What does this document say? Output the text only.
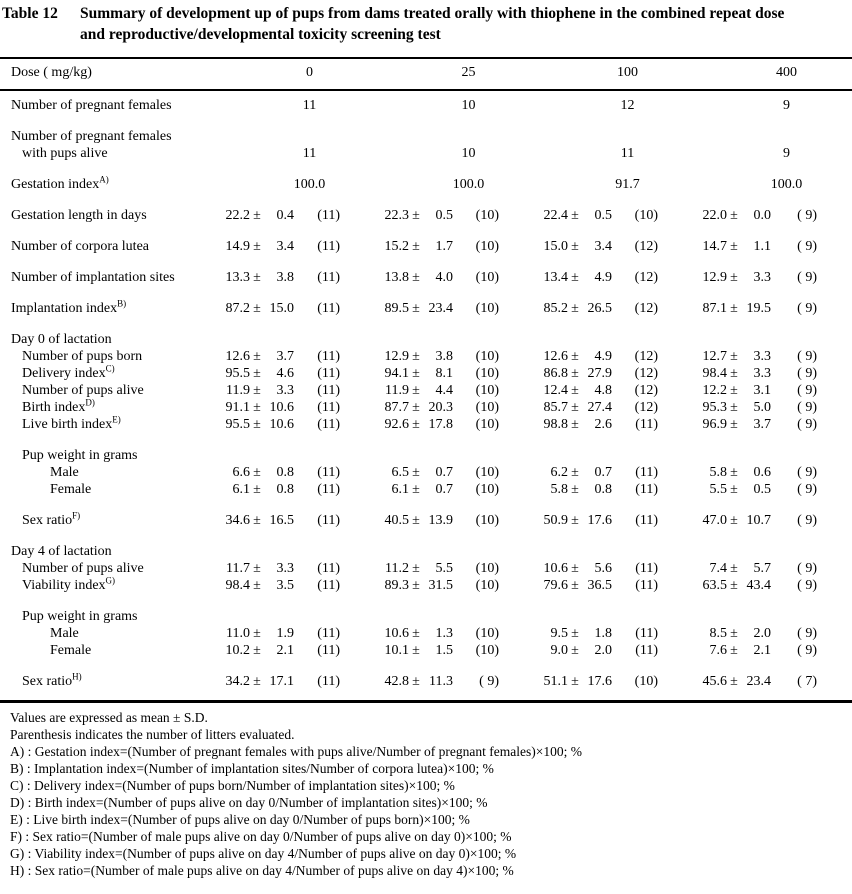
Table 12	Summary of development up of pups from dams treated orally with thiophene in the combined repeat dose
and reproductive/developmental toxicity screening test
Dose ( mg/kg)	0	25	100	400
Number of pregnant females	11	10	12	9
Number of pregnant females
with pups alive	11	10	11	9
Gestation index$^{A)}$	100.0	100.0	91.7	100.0
Gestation length in days	22.2 ±	0.4	(11)	22.3 ±	0.5	(10)	22.4 ±	0.5	(10)	22.0 ±	0.0	( 9)
Number of corpora lutea	14.9 ±	3.4	(11)	15.2 ±	1.7	(10)	15.0 ±	3.4	(12)	14.7 ±	1.1	( 9)
Number of implantation sites	13.3 ±	3.8	(11)	13.8 ±	4.0	(10)	13.4 ±	4.9	(12)	12.9 ±	3.3	( 9)
Implantation index$^{B)}$	87.2 ± 15.0	(11)	89.5 ± 23.4	(10)	85.2 ± 26.5	(12)	87.1 ± 19.5	( 9)
Day 0 of lactation
Number of pups born	12.6 ±	3.7	(11)	12.9 ±	3.8	(10)	12.6 ±	4.9	(12)	12.7 ±	3.3	( 9)
Delivery index$^{C)}$	95.5 ±	4.6	(11)	94.1 ±	8.1	(10)	86.8 ± 27.9	(12)	98.4 ±	3.3	( 9)
Number of pups alive	11.9 ±	3.3	(11)	11.9 ±	4.4	(10)	12.4 ±	4.8	(12)	12.2 ±	3.1	( 9)
Birth index$^{D)}$	91.1 ± 10.6	(11)	87.7 ± 20.3	(10)	85.7 ± 27.4	(12)	95.3 ±	5.0	( 9)
Live birth index$^{E)}$	95.5 ± 10.6	(11)	92.6 ± 17.8	(10)	98.8 ±	2.6	(11)	96.9 ±	3.7	( 9)
Pup weight in grams
Male	6.6 ±	0.8	(11)	6.5 ±	0.7	(10)	6.2 ±	0.7	(11)	5.8 ±	0.6	( 9)
Female	6.1 ±	0.8	(11)	6.1 ±	0.7	(10)	5.8 ±	0.8	(11)	5.5 ±	0.5	( 9)
Sex ratio$^{F)}$	34.6 ± 16.5	(11)	40.5 ± 13.9	(10)	50.9 ± 17.6	(11)	47.0 ± 10.7	( 9)
Day 4 of lactation
Number of pups alive	11.7 ±	3.3	(11)	11.2 ±	5.5	(10)	10.6 ±	5.6	(11)	7.4 ±	5.7	( 9)
Viability index$^{G)}$	98.4 ±	3.5	(11)	89.3 ± 31.5	(10)	79.6 ± 36.5	(11)	63.5 ± 43.4	( 9)
Pup weight in grams
Male	11.0 ±	1.9	(11)	10.6 ±	1.3	(10)	9.5 ±	1.8	(11)	8.5 ±	2.0	( 9)
Female	10.2 ±	2.1	(11)	10.1 ±	1.5	(10)	9.0 ±	2.0	(11)	7.6 ±	2.1	( 9)
Sex ratio$^{H)}$	34.2 ± 17.1	(11)	42.8 ± 11.3	( 9)	51.1 ± 17.6	(10)	45.6 ± 23.4	( 7)
Values are expressed as mean ± S.D.
Parenthesis indicates the number of litters evaluated.
A) : Gestation index=(Number of pregnant females with pups alive/Number of pregnant females)×100; %
B) : Implantation index=(Number of implantation sites/Number of corpora lutea)×100; %
C) : Delivery index=(Number of pups born/Number of implantation sites)×100; %
D) : Birth index=(Number of pups alive on day 0/Number of implantation sites)×100; %
E) : Live birth index=(Number of pups alive on day 0/Number of pups born)×100; %
F) : Sex ratio=(Number of male pups alive on day 0/Number of pups alive on day 0)×100; %
G) : Viability index=(Number of pups alive on day 4/Number of pups alive on day 0)×100; %
H) : Sex ratio=(Number of male pups alive on day 4/Number of pups alive on day 4)×100; %
